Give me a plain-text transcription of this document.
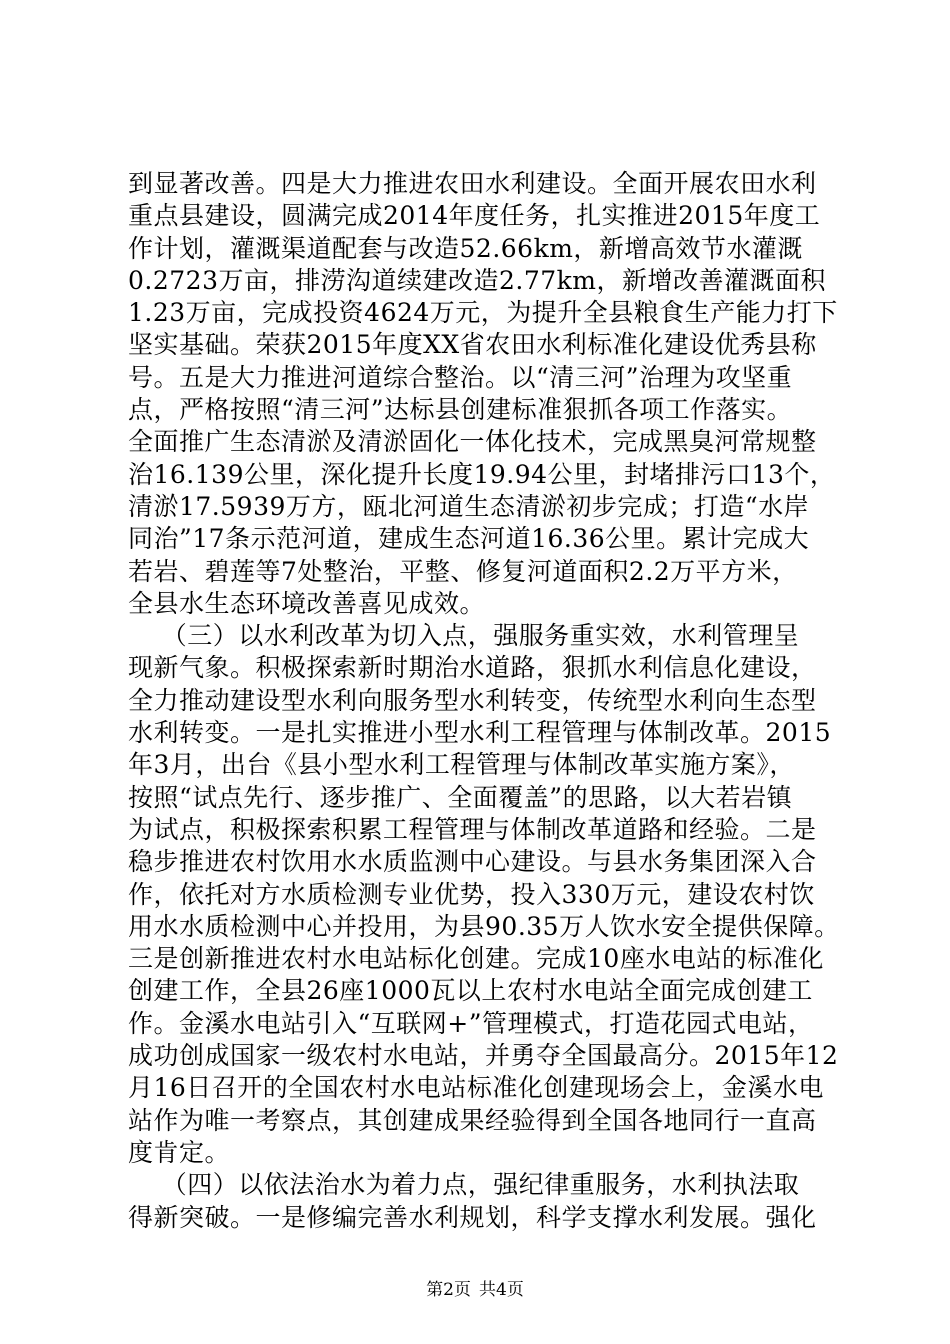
到显著改善。四是大力推进农田水利建设。全面开展农田水利
重点县建设，圆满完成2014年度任务，扎实推进2015年度工
作计划，灌溉渠道配套与改造52.66km，新增高效节水灌溉
0.2723万亩，排涝沟道续建改造2.77km，新增改善灌溉面积
1.23万亩，完成投资4624万元，为提升全县粮食生产能力打下
坚实基础。荣获2015年度XX省农田水利标准化建设优秀县称
号。五是大力推进河道综合整治。以“清三河”治理为攻坚重
点，严格按照“清三河”达标县创建标准狠抓各项工作落实。
全面推广生态清淤及清淤固化一体化技术，完成黑臭河常规整
治16.139公里，深化提升长度19.94公里，封堵排污口13个，
清淤17.5939万方，瓯北河道生态清淤初步完成；打造“水岸
同治”17条示范河道，建成生态河道16.36公里。累计完成大
若岩、碧莲等7处整治，平整、修复河道面积2.2万平方米，
全县水生态环境改善喜见成效。
（三）以水利改革为切入点，强服务重实效，水利管理呈
现新气象。积极探索新时期治水道路，狠抓水利信息化建设，
全力推动建设型水利向服务型水利转变，传统型水利向生态型
水利转变。一是扎实推进小型水利工程管理与体制改革。2015
年3月，出台《县小型水利工程管理与体制改革实施方案》，
按照“试点先行、逐步推广、全面覆盖”的思路，以大若岩镇
为试点，积极探索积累工程管理与体制改革道路和经验。二是
稳步推进农村饮用水水质监测中心建设。与县水务集团深入合
作，依托对方水质检测专业优势，投入330万元，建设农村饮
用水水质检测中心并投用，为县90.35万人饮水安全提供保障。
三是创新推进农村水电站标化创建。完成10座水电站的标准化
创建工作，全县26座1000瓦以上农村水电站全面完成创建工
作。金溪水电站引入“互联网+”管理模式，打造花园式电站，
成功创成国家一级农村水电站，并勇夺全国最高分。2015年12
月16日召开的全国农村水电站标准化创建现场会上，金溪水电
站作为唯一考察点，其创建成果经验得到全国各地同行一直高
度肯定。
（四）以依法治水为着力点，强纪律重服务，水利执法取
得新突破。一是修编完善水利规划，科学支撑水利发展。强化
第2页 共4页
